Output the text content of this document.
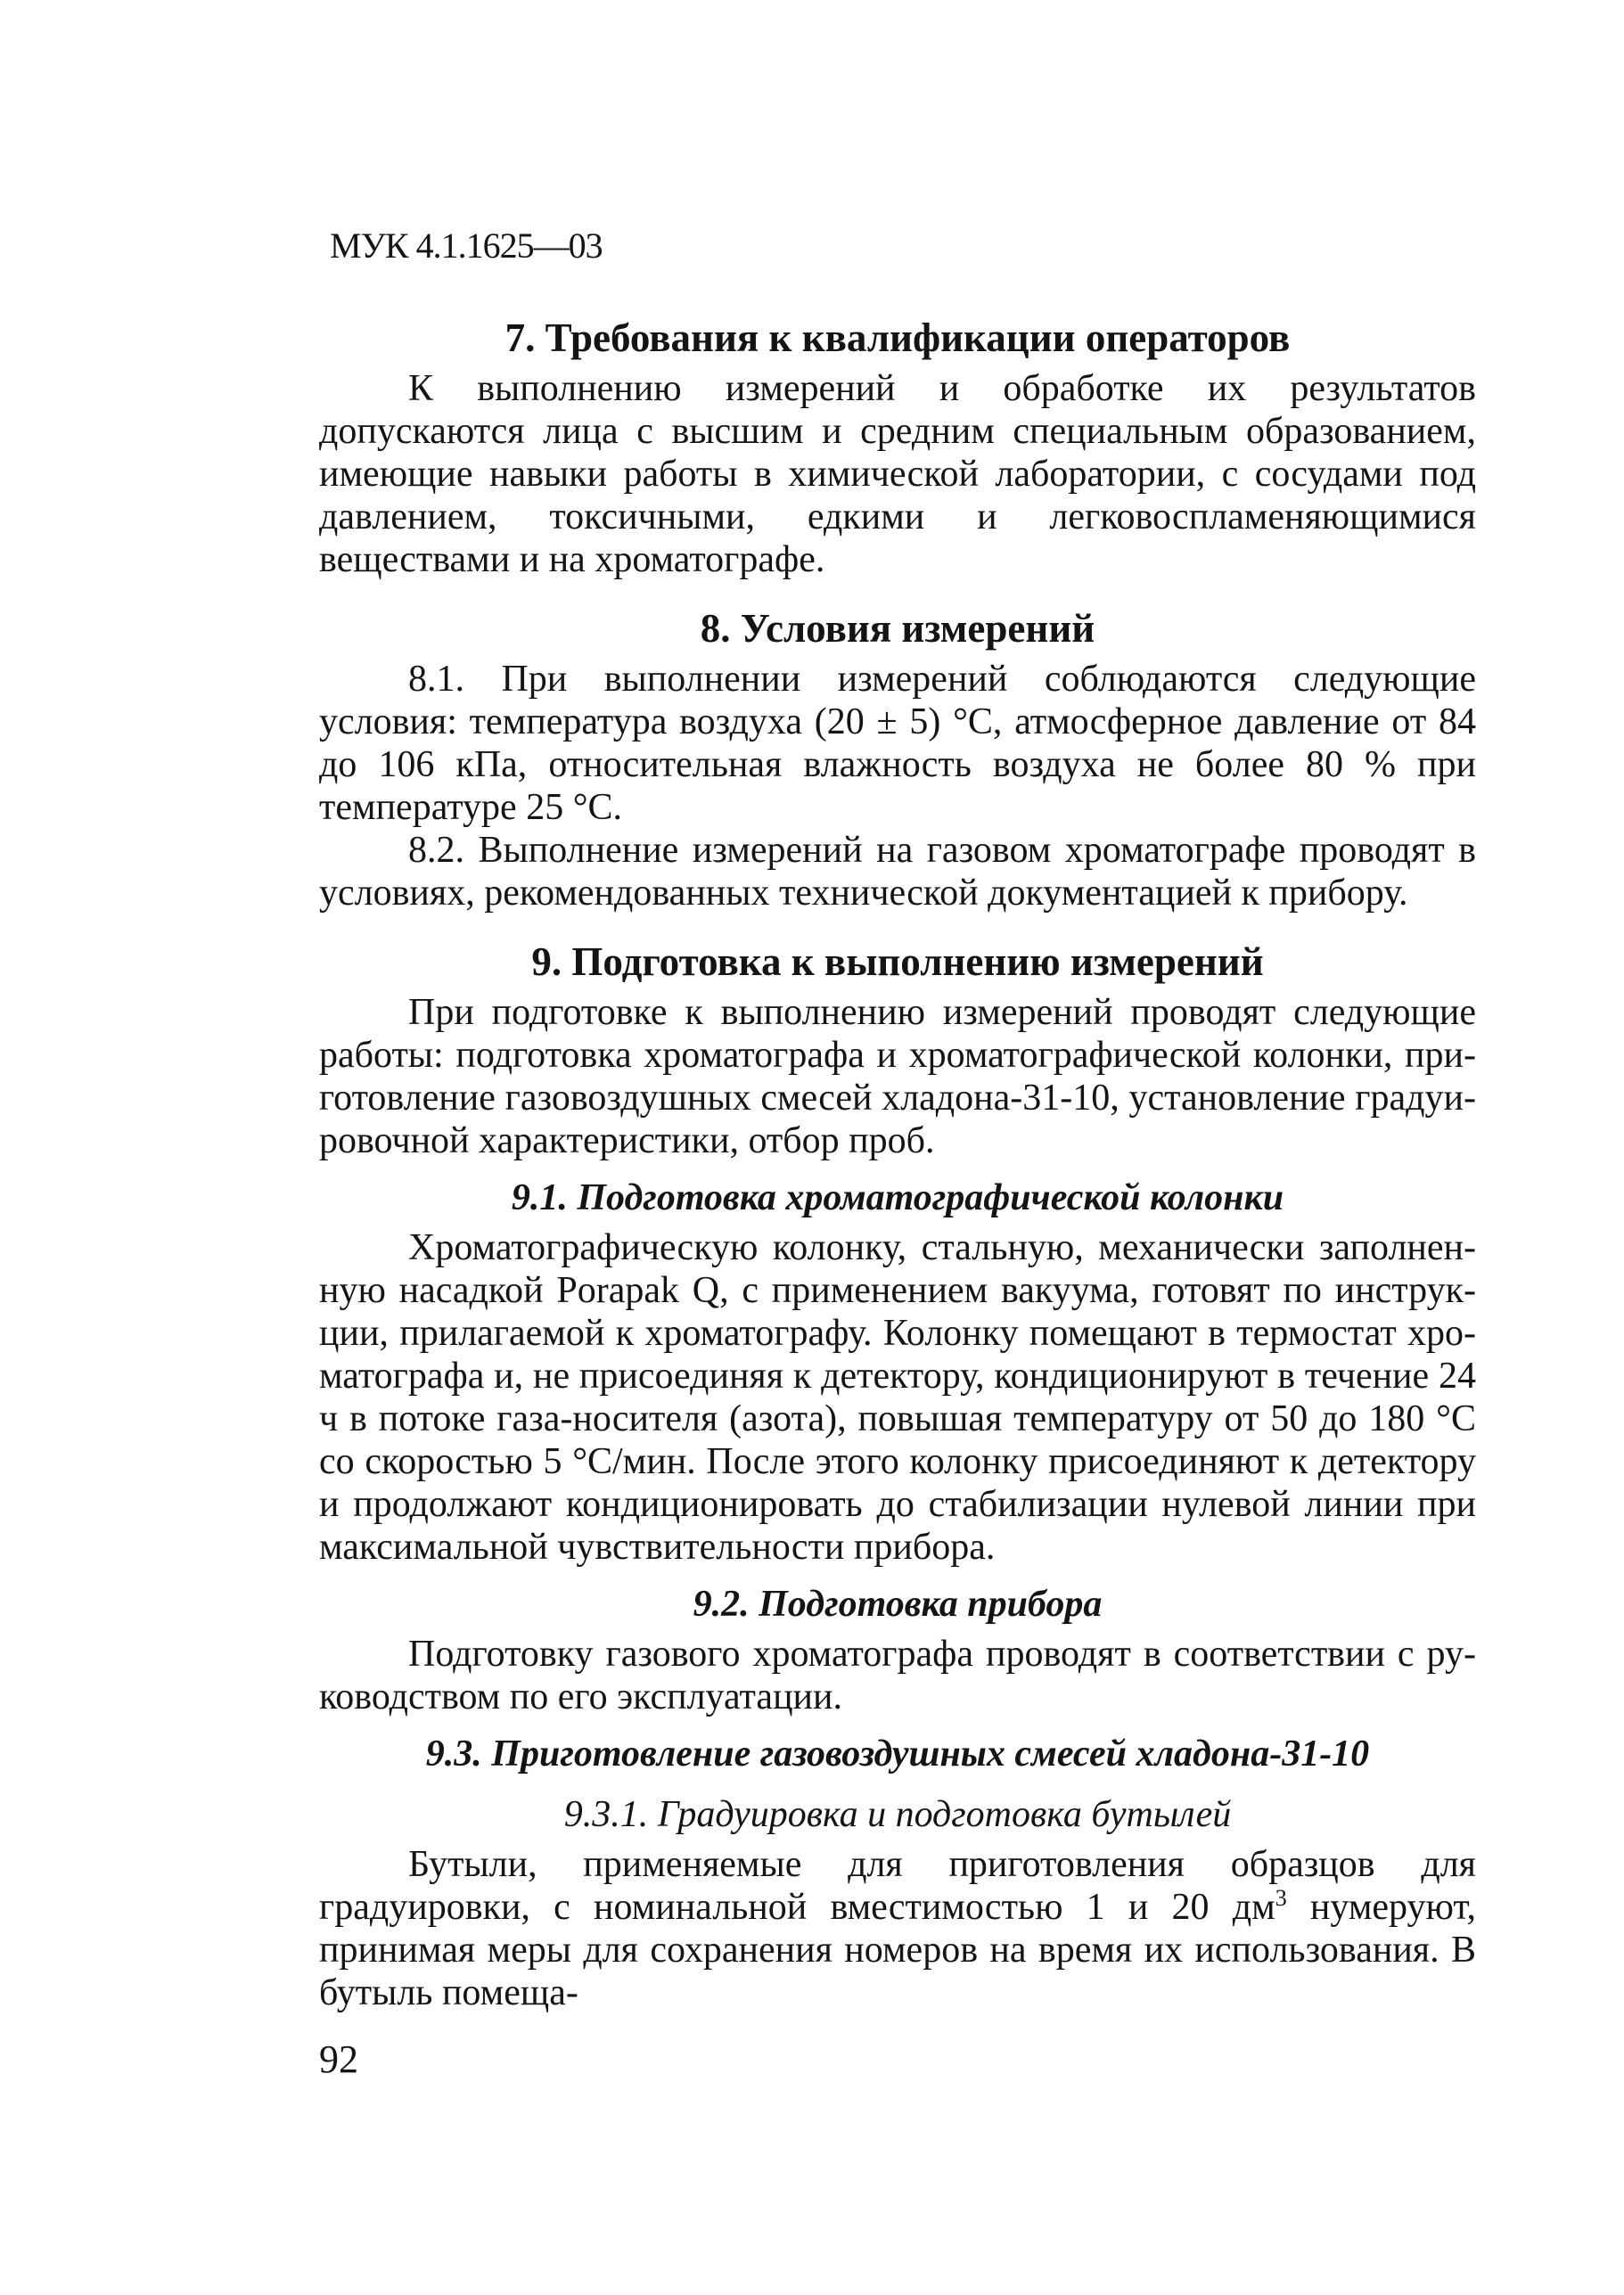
МУК 4.1.1625—03
7. Требования к квалификации операторов

К выполнению измерений и обработке их результатов допускаются лица с высшим и средним специальным образованием, имеющие навыки работы в химической лаборатории, с сосудами под давлением, токсичными, едкими и легковоспламеняющимися веществами и на хроматографе.

8. Условия измерений

8.1. При выполнении измерений соблюдаются следующие условия: температура воздуха (20 ± 5) °С, атмосферное давление от 84 до 106 кПа, относительная влажность воздуха не более 80 % при температуре 25 °С.

8.2. Выполнение измерений на газовом хроматографе проводят в условиях, рекомендованных технической документацией к прибору.

9. Подготовка к выполнению измерений

При подготовке к выполнению измерений проводят следующие работы: подготовка хроматографа и хроматографической колонки, приготовление газовоздушных смесей хладона-31-10, установление градуировочной характеристики, отбор проб.

9.1. Подготовка хроматографической колонки

Хроматографическую колонку, стальную, механически заполненную насадкой Porapak Q, с применением вакуума, готовят по инструкции, прилагаемой к хроматографу. Колонку помещают в термостат хроматографа и, не присоединяя к детектору, кондиционируют в течение 24 ч в потоке газа-носителя (азота), повышая температуру от 50 до 180 °С со скоростью 5 °С/мин. После этого колонку присоединяют к детектору и продолжают кондиционировать до стабилизации нулевой линии при максимальной чувствительности прибора.

9.2. Подготовка прибора

Подготовку газового хроматографа проводят в соответствии с руководством по его эксплуатации.

9.3. Приготовление газовоздушных смесей хладона-31-10
9.3.1. Градуировка и подготовка бутылей

Бутыли, применяемые для приготовления образцов для градуировки, с номинальной вместимостью 1 и 20 $дм^3$ нумеруют, принимая меры для сохранения номеров на время их использования. В бутыль помеща-

92
